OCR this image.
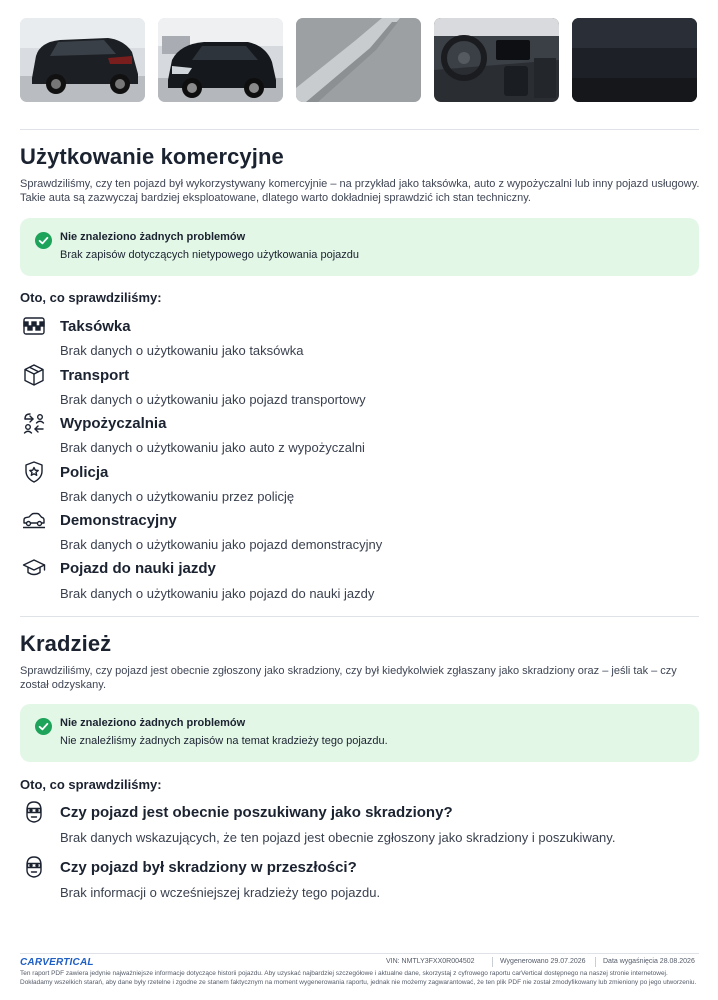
Użytkowanie komercyjne
Sprawdziliśmy, czy ten pojazd był wykorzystywany komercyjnie – na przykład jako taksówka, auto z wypożyczalni lub inny pojazd usługowy. Takie auta są zazwyczaj bardziej eksploatowane, dlatego warto dokładniej sprawdzić ich stan techniczny.
Nie znaleziono żadnych problemów
Brak zapisów dotyczących nietypowego użytkowania pojazdu
Oto, co sprawdziliśmy:
Taksówka
Brak danych o użytkowaniu jako taksówka
Transport
Brak danych o użytkowaniu jako pojazd transportowy
Wypożyczalnia
Brak danych o użytkowaniu jako auto z wypożyczalni
Policja
Brak danych o użytkowaniu przez policję
Demonstracyjny
Brak danych o użytkowaniu jako pojazd demonstracyjny
Pojazd do nauki jazdy
Brak danych o użytkowaniu jako pojazd do nauki jazdy
Kradzież
Sprawdziliśmy, czy pojazd jest obecnie zgłoszony jako skradziony, czy był kiedykolwiek zgłaszany jako skradziony oraz – jeśli tak – czy został odzyskany.
Nie znaleziono żadnych problemów
Nie znaleźliśmy żadnych zapisów na temat kradzieży tego pojazdu.
Oto, co sprawdziliśmy:
Czy pojazd jest obecnie poszukiwany jako skradziony?
Brak danych wskazujących, że ten pojazd jest obecnie zgłoszony jako skradziony i poszukiwany.
Czy pojazd był skradziony w przeszłości?
Brak informacji o wcześniejszej kradzieży tego pojazdu.
CARVERTICAL	VIN: NMTLY3FXX0R004502	Wygenerowano 29.07.2026 Data wygaśnięcia 28.08.2026
Ten raport PDF zawiera jedynie najważniejsze informacje dotyczące historii pojazdu. Aby uzyskać najbardziej szczegółowe i aktualne dane, skorzystaj z cyfrowego raportu carVertical dostępnego na naszej stronie internetowej. Dokładamy wszelkich starań, aby dane były rzetelne i zgodne ze stanem faktycznym na moment wygenerowania raportu, jednak nie możemy zagwarantować, że ten plik PDF nie został zmodyfikowany lub zmieniony po jego utworzeniu.
